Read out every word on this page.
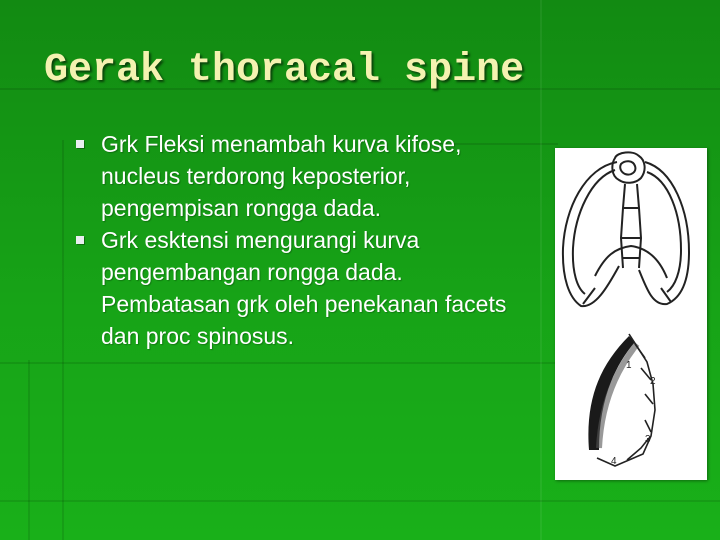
Gerak thoracal spine
Grk Fleksi menambah kurva kifose, nucleus terdorong keposterior, pengempisan rongga dada.
Grk esktensi mengurangi kurva pengembangan rongga dada. Pembatasan grk oleh penekanan facets dan proc spinosus.
1
2
3
4
